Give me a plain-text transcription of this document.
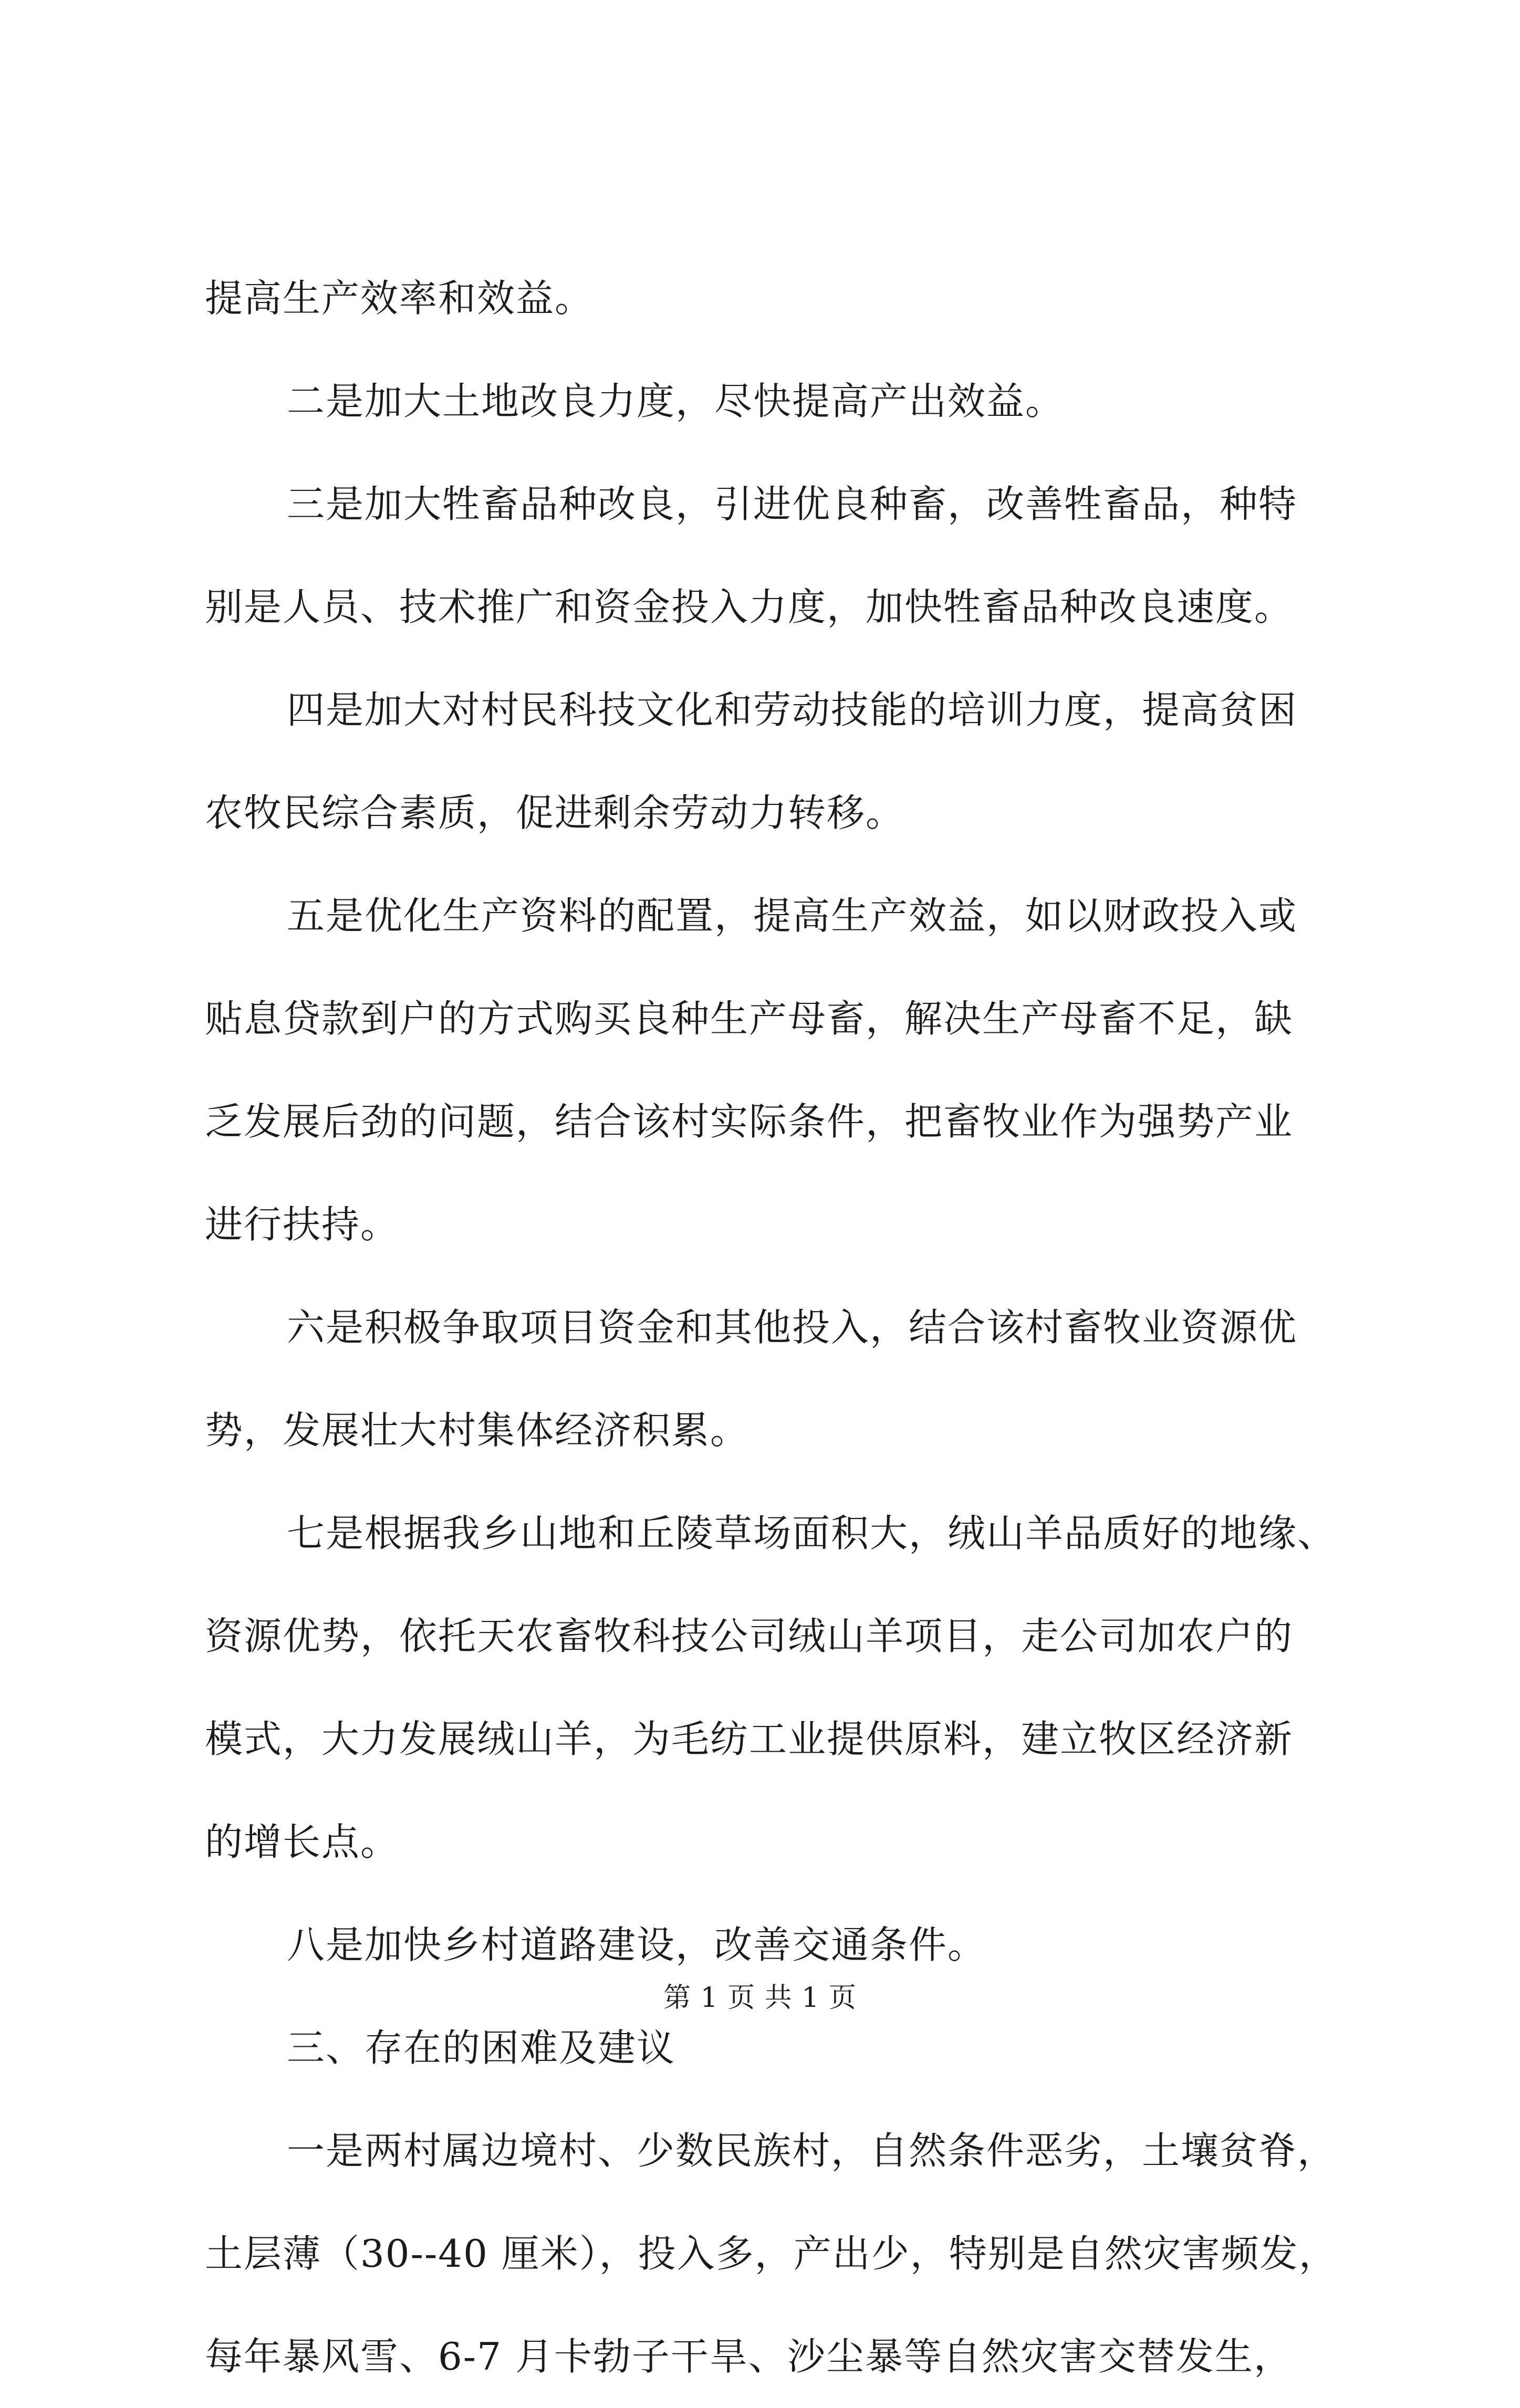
提高生产效率和效益。
二是加大土地改良力度，尽快提高产出效益。
三是加大牲畜品种改良，引进优良种畜，改善牲畜品，种特
别是人员、技术推广和资金投入力度，加快牲畜品种改良速度。
四是加大对村民科技文化和劳动技能的培训力度，提高贫困
农牧民综合素质，促进剩余劳动力转移。
五是优化生产资料的配置，提高生产效益，如以财政投入或
贴息贷款到户的方式购买良种生产母畜，解决生产母畜不足，缺
乏发展后劲的问题，结合该村实际条件，把畜牧业作为强势产业
进行扶持。
六是积极争取项目资金和其他投入，结合该村畜牧业资源优
势，发展壮大村集体经济积累。
七是根据我乡山地和丘陵草场面积大，绒山羊品质好的地缘、
资源优势，依托天农畜牧科技公司绒山羊项目，走公司加农户的
模式，大力发展绒山羊，为毛纺工业提供原料，建立牧区经济新
的增长点。
八是加快乡村道路建设，改善交通条件。
三、存在的困难及建议
一是两村属边境村、少数民族村，自然条件恶劣，土壤贫脊，
土层薄（30--40 厘米），投入多，产出少，特别是自然灾害频发，
每年暴风雪、6-7 月卡勃子干旱、沙尘暴等自然灾害交替发生，
第 1 页 共 1 页
